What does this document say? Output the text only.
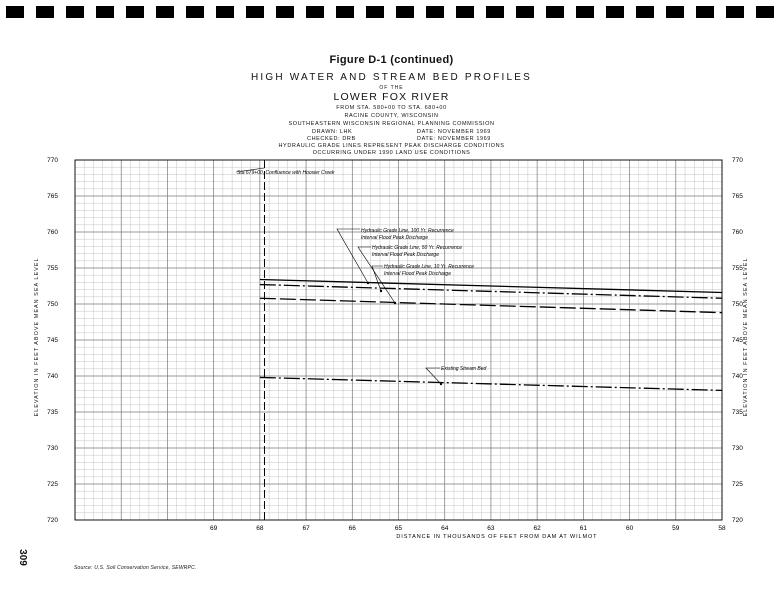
Figure D-1 (continued)
HIGH WATER AND STREAM BED PROFILES
OF THE
LOWER FOX RIVER
FROM STA. 580+00 TO STA. 680+00
RACINE COUNTY, WISCONSIN
SOUTHEASTERN WISCONSIN REGIONAL PLANNING COMMISSION
DRAWN: LHK	DATE: NOVEMBER 1969
CHECKED: DRB	DATE: NOVEMBER 1969
HYDRAULIC GRADE LINES REPRESENT PEAK DISCHARGE CONDITIONS
OCCURRING UNDER 1990 LAND USE CONDITIONS
720
725
730
735
740
745
750
755
760
765
770
720
725
730
735
740
745
750
755
760
765
770
69	68	67	66	65	64	63	62	61	60	59	58
Sta 679+00, Confluence with Hoosier Creek
Hydraulic Grade Line, 100 Yr. Recurrence
Interval Flood Peak Discharge
Hydraulic Grade Line, 50 Yr. Recurrence
Interval Flood Peak Discharge
Hydraulic Grade Line, 10 Yr. Recurrence
Interval Flood Peak Discharge
Existing Stream Bed
DISTANCE IN THOUSANDS OF FEET FROM DAM AT WILMOT
ELEVATION IN FEET ABOVE MEAN SEA LEVEL	ELEVATION IN FEET ABOVE MEAN SEA LEVEL
309
Source: U.S. Soil Conservation Service, SEWRPC.
